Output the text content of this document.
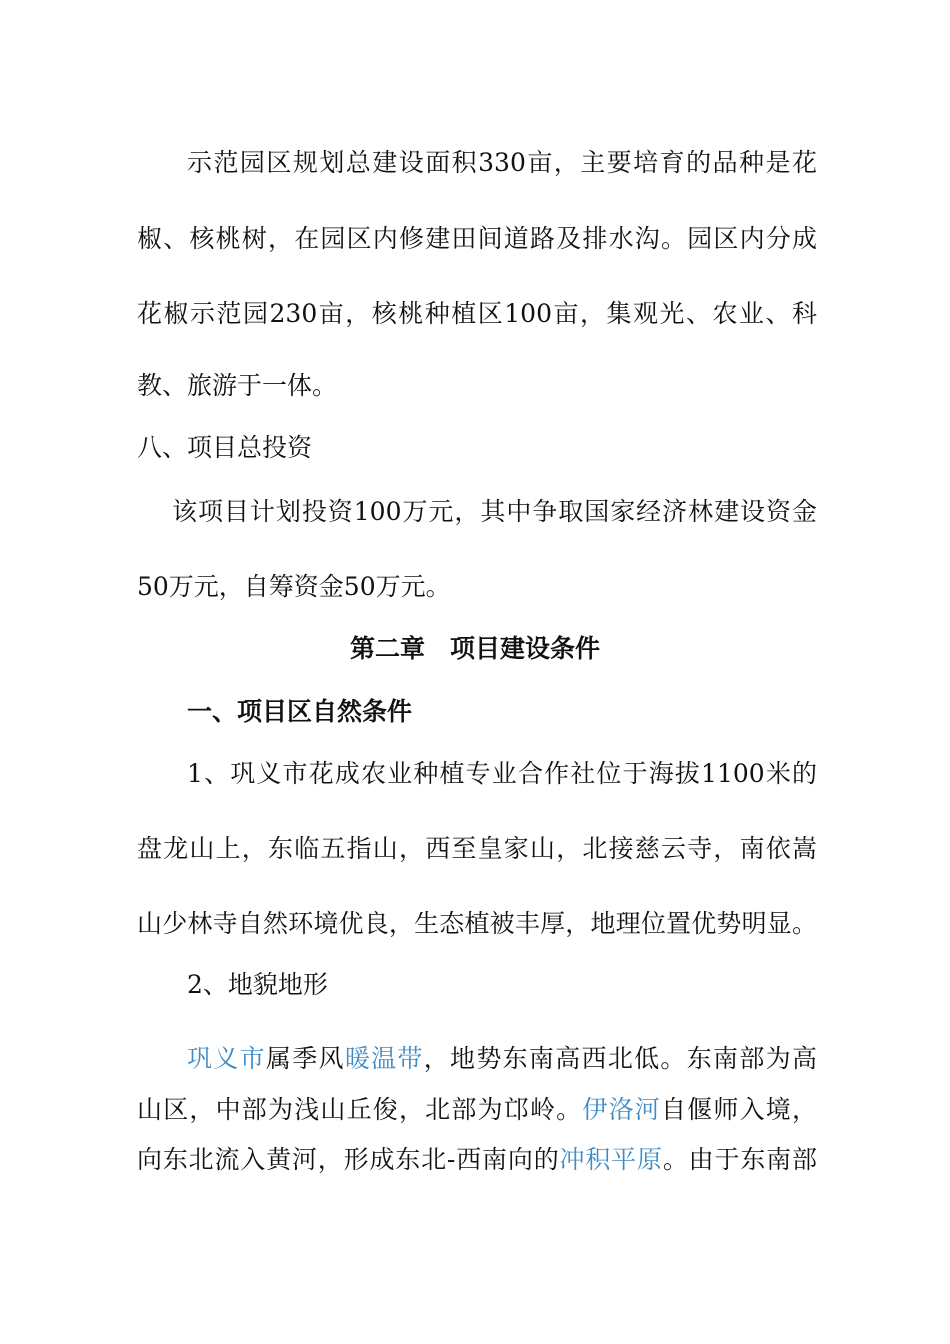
示范园区规划总建设面积330亩，主要培育的品种是花
椒、核桃树，在园区内修建田间道路及排水沟。园区内分成
花椒示范园230亩，核桃种植区100亩，集观光、农业、科
教、旅游于一体。
八、项目总投资
该项目计划投资100万元，其中争取国家经济林建设资金
50万元，自筹资金50万元。
第二章　项目建设条件
一、项目区自然条件
1、巩义市花成农业种植专业合作社位于海拔1100米的
盘龙山上，东临五指山，西至皇家山，北接慈云寺，南依嵩
山少林寺自然环境优良，生态植被丰厚，地理位置优势明显。
2、地貌地形
巩义市属季风暖温带，地势东南高西北低。东南部为高
山区，中部为浅山丘俊，北部为邙岭。伊洛河自偃师入境，
向东北流入黄河，形成东北-西南向的冲积平原。由于东南部
